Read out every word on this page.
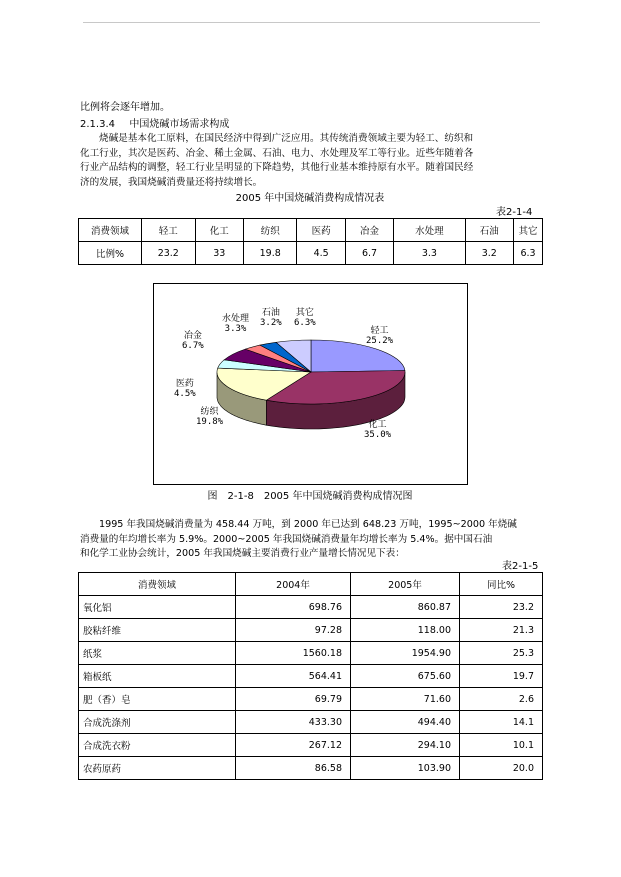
比例将会逐年增加。
2.1.3.4 中国烧碱市场需求构成

烧碱是基本化工原料，在国民经济中得到广泛应用。其传统消费领域主要为轻工、纺织和

化工行业，其次是医药、冶金、稀土金属、石油、电力、水处理及军工等行业。近些年随着各

行业产品结构的调整，轻工行业呈明显的下降趋势，其他行业基本维持原有水平。随着国民经

济的发展，我国烧碱消费量还将持续增长。

2005 年中国烧碱消费构成情况表
表2-1-4
消费领域	轻工	化工	纺织	医药	冶金	水处理	石油	其它
比例%	23.2	33	19.8	4.5	6.7	3.3	3.2	6.3
轻工
25.2%
化工
35.0%
纺织
19.8%
医药
4.5%
冶金
6.7%
水处理
3.3%
石油
3.2%
其它
6.3%
图　2-1-8　2005 年中国烧碱消费构成情况图

1995 年我国烧碱消费量为 458.44 万吨，到 2000 年已达到 648.23 万吨，1995~2000 年烧碱

消费量的年均增长率为 5.9%。2000~2005 年我国烧碱消费量年均增长率为 5.4%。据中国石油

和化学工业协会统计，2005 年我国烧碱主要消费行业产量增长情况见下表：

表2-1-5
消费领域	2004年	2005年	同比%
氧化铝	698.76	860.87	23.2
胶粘纤维	97.28	118.00	21.3
纸浆	1560.18	1954.90	25.3
箱板纸	564.41	675.60	19.7
肥（香）皂	69.79	71.60	2.6
合成洗涤剂	433.30	494.40	14.1
合成洗衣粉	267.12	294.10	10.1
农药原药	86.58	103.90	20.0
